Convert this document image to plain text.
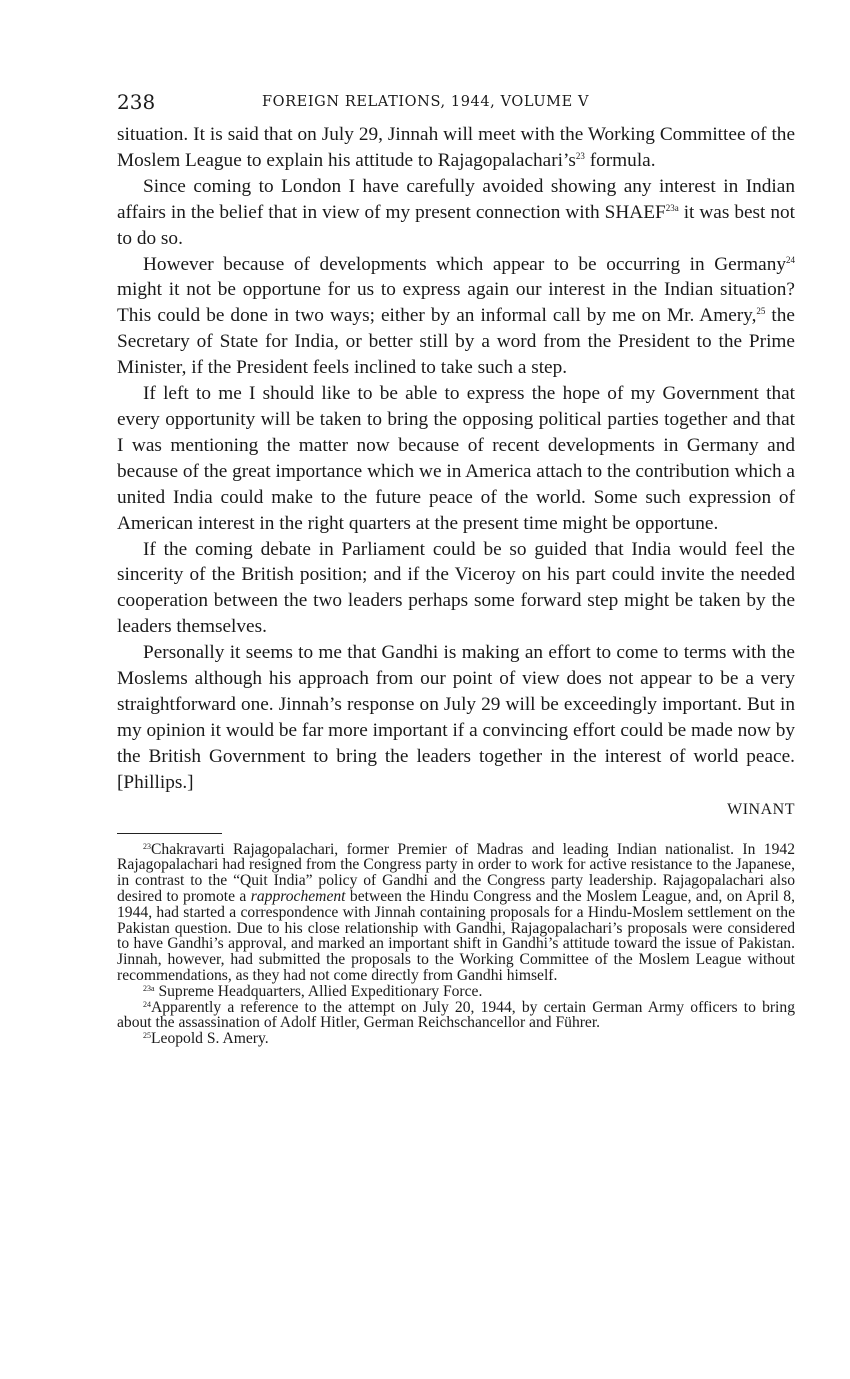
238	FOREIGN RELATIONS, 1944, VOLUME V

situation. It is said that on July 29, Jinnah will meet with the Working Committee of the Moslem League to explain his attitude to $Rajagopalachari’s^{23}$ formula.

Since coming to London I have carefully avoided showing any interest in Indian affairs in the belief that in view of my present connection with $SHAEF^{23a}$ it was best not to do so.

However because of developments which appear to be occurring in Germany$^{24}$ might it not be opportune for us to express again our interest in the Indian situation? This could be done in two ways; either by an informal call by me on Mr. Amery,$^{25}$ the Secretary of State for India, or better still by a word from the President to the Prime Minister, if the President feels inclined to take such a step.

If left to me I should like to be able to express the hope of my Government that every opportunity will be taken to bring the opposing political parties together and that I was mentioning the matter now because of recent developments in Germany and because of the great importance which we in America attach to the contribution which a united India could make to the future peace of the world. Some such expression of American interest in the right quarters at the present time might be opportune.

If the coming debate in Parliament could be so guided that India would feel the sincerity of the British position; and if the Viceroy on his part could invite the needed cooperation between the two leaders perhaps some forward step might be taken by the leaders themselves.

Personally it seems to me that Gandhi is making an effort to come to terms with the Moslems although his approach from our point of view does not appear to be a very straightforward one. Jinnah’s response on July 29 will be exceedingly important. But in my opinion it would be far more important if a convincing effort could be made now by the British Government to bring the leaders together in the interest of world peace. [Phillips.]

WINANT

$^{23}$Chakravarti Rajagopalachari, former Premier of Madras and leading Indian nationalist. In 1942 Rajagopalachari had resigned from the Congress party in order to work for active resistance to the Japanese, in contrast to the “Quit India” policy of Gandhi and the Congress party leadership. Rajagopalachari also desired to promote a rapprochement between the Hindu Congress and the Moslem League, and, on April 8, 1944, had started a correspondence with Jinnah containing proposals for a Hindu-Moslem settlement on the Pakistan question. Due to his close relationship with Gandhi, Rajagopalachari’s proposals were considered to have Gandhi’s approval, and marked an important shift in Gandhi’s attitude toward the issue of Pakistan. Jinnah, however, had submitted the proposals to the Working Committee of the Moslem League without recommendations, as they had not come directly from Gandhi himself.

$^{23a}$ Supreme Headquarters, Allied Expeditionary Force.

$^{24}$Apparently a reference to the attempt on July 20, 1944, by certain German Army officers to bring about the assassination of Adolf Hitler, German Reichschancellor and Führer.

$^{25}$Leopold S. Amery.
